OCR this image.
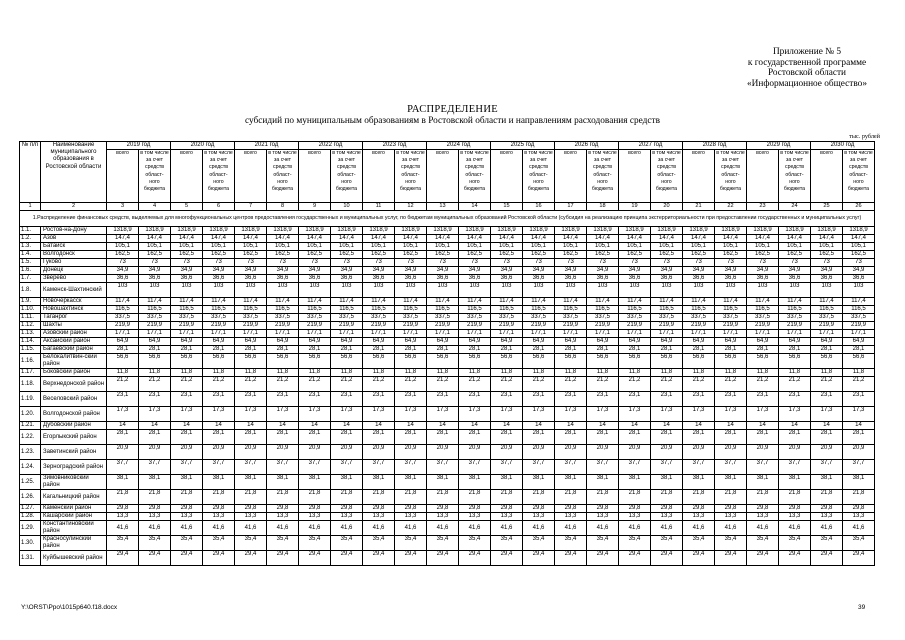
Приложение № 5
к государственной программе
Ростовской области
«Информационное общество»
РАСПРЕДЕЛЕНИЕ
субсидий по муниципальным образованиям в Ростовской области и направлениям расходования средств
тыс. рублей
№ п/п	Наименование муниципального образования в Ростовской области	2019 год		2020 год		2021 год		2022 год		2023 год		2024 год		2025 год		2026 год		2027 год		2028 год		2029 год		2030 год	
		всего	в том числе за счет средств област- ного бюджета	всего	в том числе за счет средств област- ного бюджета	всего	в том числе за счет средств област- ного бюджета	всего	в том числе за счет средств област- ного бюджета	всего	в том числе за счет средств област- ного бюджета	всего	в том числе за счет средств област- ного бюджета	всего	в том числе за счет средств област- ного бюджета	всего	в том числе за счет средств област- ного бюджета	всего	в том числе за счет средств област- ного бюджета	всего	в том числе за счет средств област- ного бюджета	всего	в том числе за счет средств област- ного бюджета	всего	в том числе за счет средств област- ного бюджета
1	2	3	4	5	6	7	8	9	10	11	12	13	14	15	16	17	18	19	20	21	22	23	24	25	26
1.Распределение финансовых средств, выделяемых для многофункциональных центров предоставления государственных и муниципальных услуг, по бюджетам муниципальных образований Ростовской области (субсидия на реализацию принципа экстерриториальности при предоставлении государственных и муниципальных услуг)																									
1.1.	Ростов-на-Дону	1318,9	1318,9	1318,9	1318,9	1318,9	1318,9	1318,9	1318,9	1318,9	1318,9	1318,9	1318,9	1318,9	1318,9	1318,9	1318,9	1318,9	1318,9	1318,9	1318,9	1318,9	1318,9	1318,9	1318,9
1.2.	Азов	147,4	147,4	147,4	147,4	147,4	147,4	147,4	147,4	147,4	147,4	147,4	147,4	147,4	147,4	147,4	147,4	147,4	147,4	147,4	147,4	147,4	147,4	147,4	147,4
1.3.	Батайск	105,1	105,1	105,1	105,1	105,1	105,1	105,1	105,1	105,1	105,1	105,1	105,1	105,1	105,1	105,1	105,1	105,1	105,1	105,1	105,1	105,1	105,1	105,1	105,1
1.4.	Волгодонск	162,5	162,5	162,5	162,5	162,5	162,5	162,5	162,5	162,5	162,5	162,5	162,5	162,5	162,5	162,5	162,5	162,5	162,5	162,5	162,5	162,5	162,5	162,5	162,5
1.5.	Гуково	73	73	73	73	73	73	73	73	73	73	73	73	73	73	73	73	73	73	73	73	73	73	73	73
1.6.	Донецк	34,9	34,9	34,9	34,9	34,9	34,9	34,9	34,9	34,9	34,9	34,9	34,9	34,9	34,9	34,9	34,9	34,9	34,9	34,9	34,9	34,9	34,9	34,9	34,9
1.7.	Зверево	36,6	36,6	36,6	36,6	36,6	36,6	36,6	36,6	36,6	36,6	36,6	36,6	36,6	36,6	36,6	36,6	36,6	36,6	36,6	36,6	36,6	36,6	36,6	36,6
1.8.	Каменск-Шахтинский	103	103	103	103	103	103	103	103	103	103	103	103	103	103	103	103	103	103	103	103	103	103	103	103
1.9.	Новочеркасск	117,4	117,4	117,4	117,4	117,4	117,4	117,4	117,4	117,4	117,4	117,4	117,4	117,4	117,4	117,4	117,4	117,4	117,4	117,4	117,4	117,4	117,4	117,4	117,4
1.10.	Новошахтинск	116,5	116,5	116,5	116,5	116,5	116,5	116,5	116,5	116,5	116,5	116,5	116,5	116,5	116,5	116,5	116,5	116,5	116,5	116,5	116,5	116,5	116,5	116,5	116,5
1.11.	Таганрог	337,5	337,5	337,5	337,5	337,5	337,5	337,5	337,5	337,5	337,5	337,5	337,5	337,5	337,5	337,5	337,5	337,5	337,5	337,5	337,5	337,5	337,5	337,5	337,5
1.12.	Шахты	219,9	219,9	219,9	219,9	219,9	219,9	219,9	219,9	219,9	219,9	219,9	219,9	219,9	219,9	219,9	219,9	219,9	219,9	219,9	219,9	219,9	219,9	219,9	219,9
1.13.	Азовский район	177,1	177,1	177,1	177,1	177,1	177,1	177,1	177,1	177,1	177,1	177,1	177,1	177,1	177,1	177,1	177,1	177,1	177,1	177,1	177,1	177,1	177,1	177,1	177,1
1.14.	Аксайский район	64,9	64,9	64,9	64,9	64,9	64,9	64,9	64,9	64,9	64,9	64,9	64,9	64,9	64,9	64,9	64,9	64,9	64,9	64,9	64,9	64,9	64,9	64,9	64,9
1.15.	Багаевский район	28,1	28,1	28,1	28,1	28,1	28,1	28,1	28,1	28,1	28,1	28,1	28,1	28,1	28,1	28,1	28,1	28,1	28,1	28,1	28,1	28,1	28,1	28,1	28,1
1.16.	Белокалитвин-ский район	56,6	56,6	56,6	56,6	56,6	56,6	56,6	56,6	56,6	56,6	56,6	56,6	56,6	56,6	56,6	56,6	56,6	56,6	56,6	56,6	56,6	56,6	56,6	56,6
1.17.	Боковский район	11,8	11,8	11,8	11,8	11,8	11,8	11,8	11,8	11,8	11,8	11,8	11,8	11,8	11,8	11,8	11,8	11,8	11,8	11,8	11,8	11,8	11,8	11,8	11,8
1.18.	Верхнедонской район	21,2	21,2	21,2	21,2	21,2	21,2	21,2	21,2	21,2	21,2	21,2	21,2	21,2	21,2	21,2	21,2	21,2	21,2	21,2	21,2	21,2	21,2	21,2	21,2
1.19.	Веселовский район	23,1	23,1	23,1	23,1	23,1	23,1	23,1	23,1	23,1	23,1	23,1	23,1	23,1	23,1	23,1	23,1	23,1	23,1	23,1	23,1	23,1	23,1	23,1	23,1
1.20.	Волгодонской район	17,3	17,3	17,3	17,3	17,3	17,3	17,3	17,3	17,3	17,3	17,3	17,3	17,3	17,3	17,3	17,3	17,3	17,3	17,3	17,3	17,3	17,3	17,3	17,3
1.21.	Дубовский район	14	14	14	14	14	14	14	14	14	14	14	14	14	14	14	14	14	14	14	14	14	14	14	14
1.22.	Егорлыкский район	28,1	28,1	28,1	28,1	28,1	28,1	28,1	28,1	28,1	28,1	28,1	28,1	28,1	28,1	28,1	28,1	28,1	28,1	28,1	28,1	28,1	28,1	28,1	28,1
1.23.	Заветинский район	20,9	20,9	20,9	20,9	20,9	20,9	20,9	20,9	20,9	20,9	20,9	20,9	20,9	20,9	20,9	20,9	20,9	20,9	20,9	20,9	20,9	20,9	20,9	20,9
1.24.	Зерноградский район	37,7	37,7	37,7	37,7	37,7	37,7	37,7	37,7	37,7	37,7	37,7	37,7	37,7	37,7	37,7	37,7	37,7	37,7	37,7	37,7	37,7	37,7	37,7	37,7
1.25.	Зимовниковский район	38,1	38,1	38,1	38,1	38,1	38,1	38,1	38,1	38,1	38,1	38,1	38,1	38,1	38,1	38,1	38,1	38,1	38,1	38,1	38,1	38,1	38,1	38,1	38,1
1.26.	Кагальницкий район	21,8	21,8	21,8	21,8	21,8	21,8	21,8	21,8	21,8	21,8	21,8	21,8	21,8	21,8	21,8	21,8	21,8	21,8	21,8	21,8	21,8	21,8	21,8	21,8
1.27.	Каменский район	29,8	29,8	29,8	29,8	29,8	29,8	29,8	29,8	29,8	29,8	29,8	29,8	29,8	29,8	29,8	29,8	29,8	29,8	29,8	29,8	29,8	29,8	29,8	29,8
1.28.	Кашарский район	13,3	13,3	13,3	13,3	13,3	13,3	13,3	13,3	13,3	13,3	13,3	13,3	13,3	13,3	13,3	13,3	13,3	13,3	13,3	13,3	13,3	13,3	13,3	13,3
1.29.	Константиновский район	41,6	41,6	41,6	41,6	41,6	41,6	41,6	41,6	41,6	41,6	41,6	41,6	41,6	41,6	41,6	41,6	41,6	41,6	41,6	41,6	41,6	41,6	41,6	41,6
1.30.	Красносулинский район	35,4	35,4	35,4	35,4	35,4	35,4	35,4	35,4	35,4	35,4	35,4	35,4	35,4	35,4	35,4	35,4	35,4	35,4	35,4	35,4	35,4	35,4	35,4	35,4
1.31.	Куйбышевский район	29,4	29,4	29,4	29,4	29,4	29,4	29,4	29,4	29,4	29,4	29,4	29,4	29,4	29,4	29,4	29,4	29,4	29,4	29,4	29,4	29,4	29,4	29,4	29,4
Y:\ORST\Ppo\1015p640.f18.docx	39
